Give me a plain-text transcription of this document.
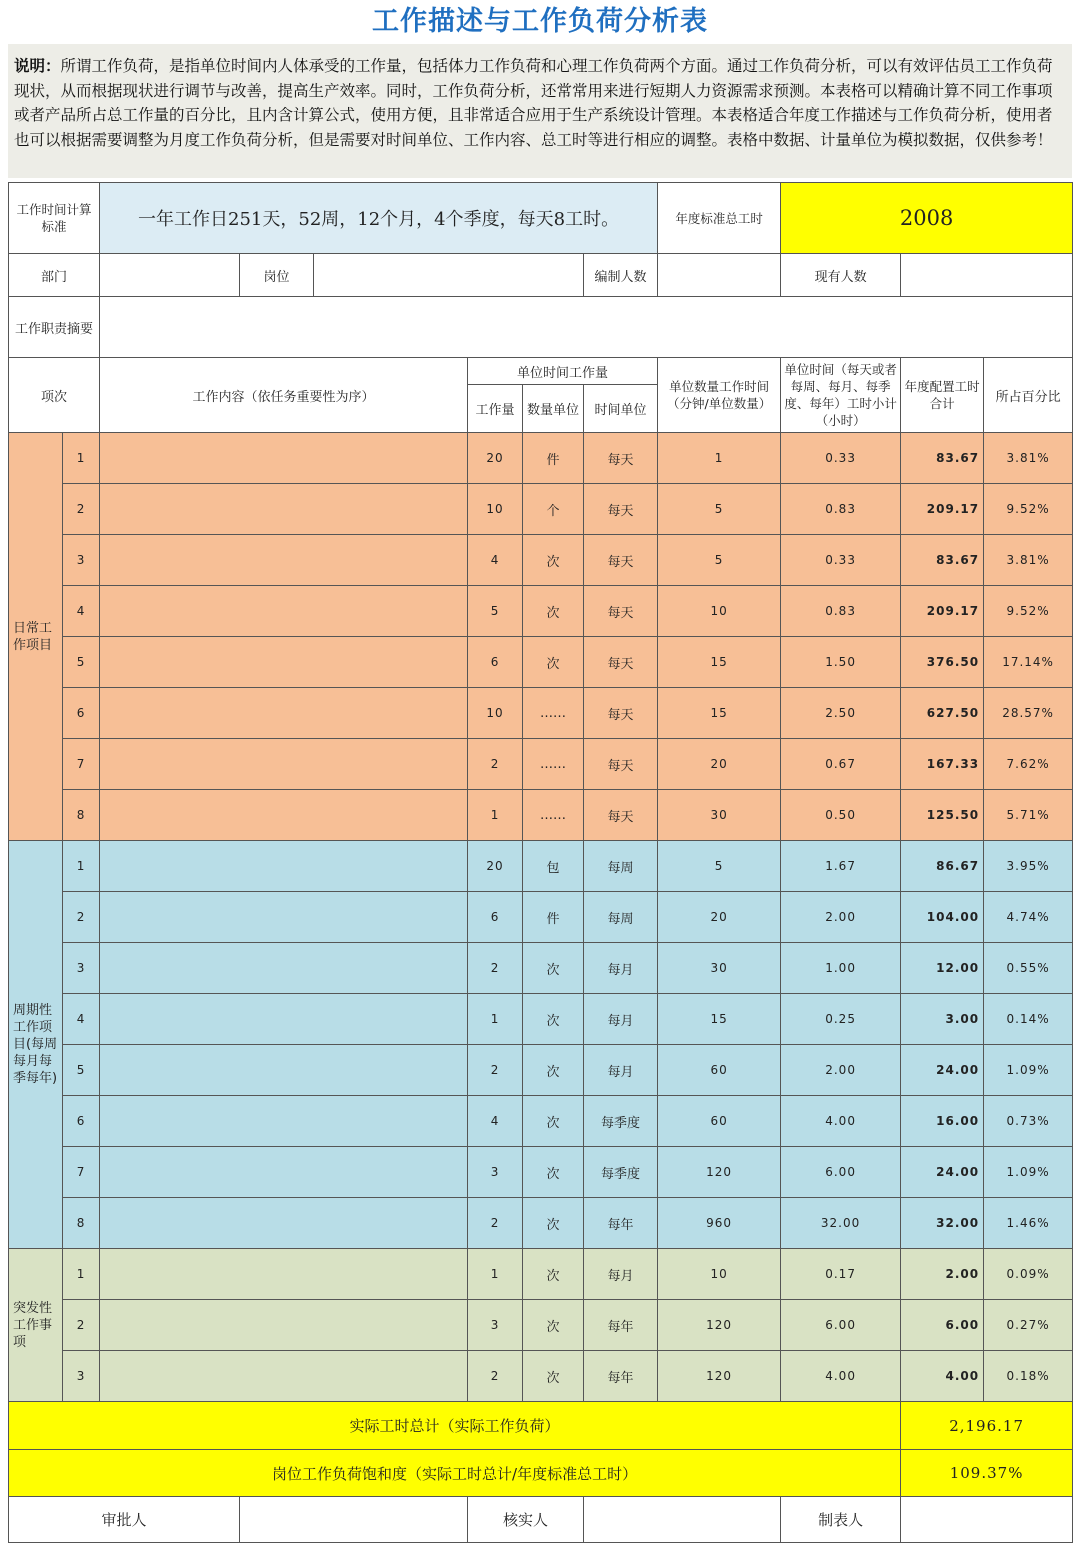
工作描述与工作负荷分析表
说明：所谓工作负荷，是指单位时间内人体承受的工作量，包括体力工作负荷和心理工作负荷两个方面。通过工作负荷分析，可以有效评估员工工作负荷现状，从而根据现状进行调节与改善，提高生产效率。同时，工作负荷分析，还常常用来进行短期人力资源需求预测。本表格可以精确计算不同工作事项或者产品所占总工作量的百分比，且内含计算公式，使用方便，且非常适合应用于生产系统设计管理。本表格适合年度工作描述与工作负荷分析，使用者也可以根据需要调整为月度工作负荷分析，但是需要对时间单位、工作内容、总工时等进行相应的调整。表格中数据、计量单位为模拟数据，仅供参考！
工作时间计算标准		一年工作日251天，52周，12个月，4个季度，每天8工时。						年度标准总工时	2008		
部门			岗位				编制人数		现有人数		
工作职责摘要											
项次		工作内容（依任务重要性为序）			单位时间工作量			单位数量工作时间（分钟/单位数量）	单位时间（每天或者每周、每月、每季度、每年）工时小计（小时）	年度配置工时合计	所占百分比
					工作量	数量单位	时间单位				
日常工作项目	1				20	件	每天	1	0.33	83.67	3.81%
	2				10	个	每天	5	0.83	209.17	9.52%
	3				4	次	每天	5	0.33	83.67	3.81%
	4				5	次	每天	10	0.83	209.17	9.52%
	5				6	次	每天	15	1.50	376.50	17.14%
	6				10	……	每天	15	2.50	627.50	28.57%
	7				2	……	每天	20	0.67	167.33	7.62%
	8				1	……	每天	30	0.50	125.50	5.71%
周期性工作项目(每周每月每季每年)	1				20	包	每周	5	1.67	86.67	3.95%
	2				6	件	每周	20	2.00	104.00	4.74%
	3				2	次	每月	30	1.00	12.00	0.55%
	4				1	次	每月	15	0.25	3.00	0.14%
	5				2	次	每月	60	2.00	24.00	1.09%
	6				4	次	每季度	60	4.00	16.00	0.73%
	7				3	次	每季度	120	6.00	24.00	1.09%
	8				2	次	每年	960	32.00	32.00	1.46%
突发性工作事项	1				1	次	每月	10	0.17	2.00	0.09%
	2				3	次	每年	120	6.00	6.00	0.27%
	3				2	次	每年	120	4.00	4.00	0.18%
实际工时总计（实际工作负荷）										2,196.17	
岗位工作负荷饱和度（实际工时总计/年度标准总工时）										109.37%	
审批人					核实人				制表人		
